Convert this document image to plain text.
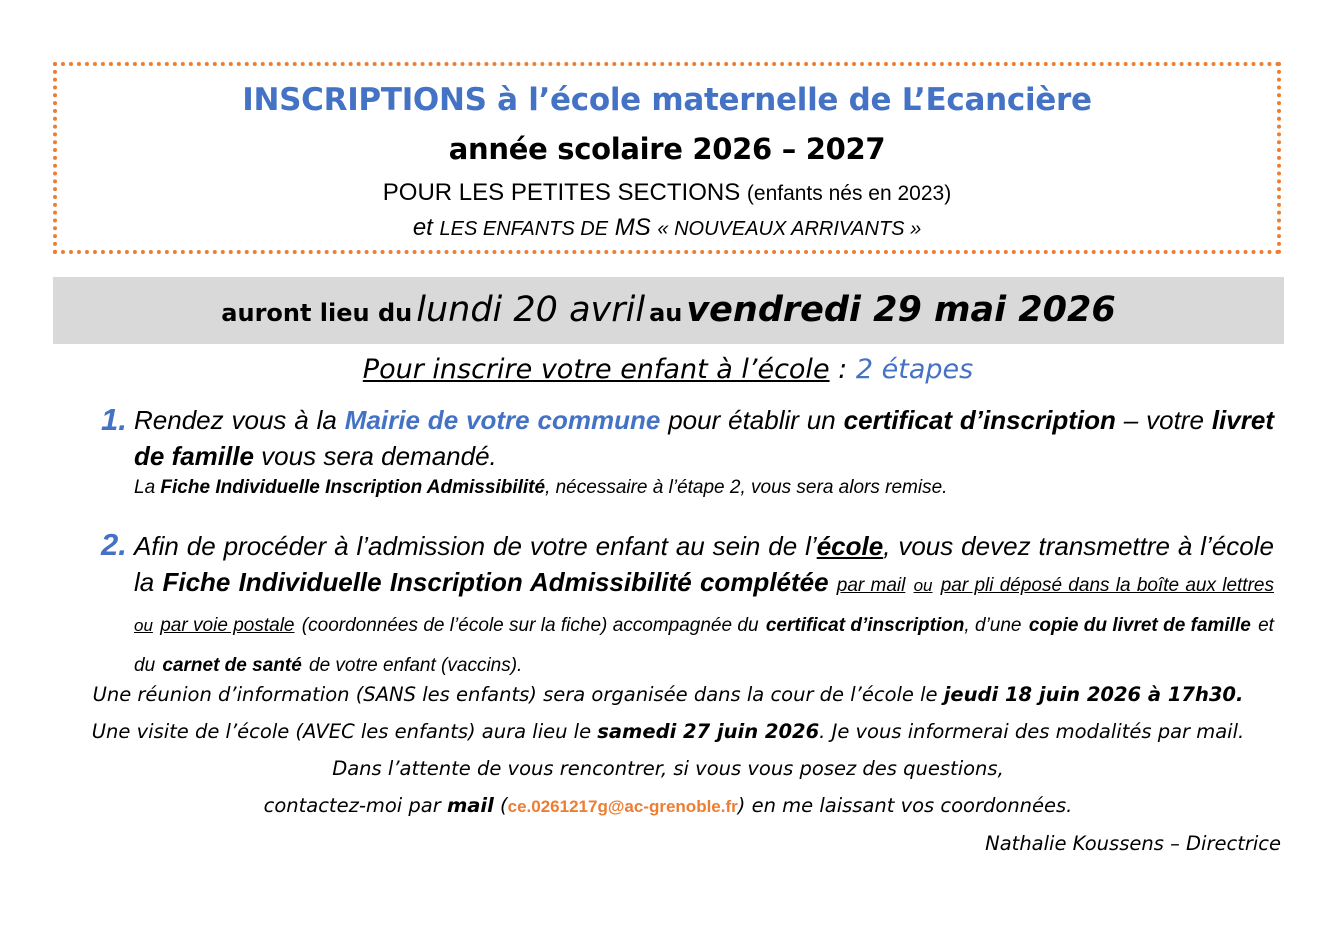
INSCRIPTIONS à l’école maternelle de L’Ecancière
année scolaire 2026 – 2027
POUR LES PETITES SECTIONS (enfants nés en 2023)
et LES ENFANTS DE MS « NOUVEAUX ARRIVANTS »
auront lieu du lundi 20 avril au vendredi 29 mai 2026
Pour inscrire votre enfant à l’école : 2 étapes
1. Rendez vous à la Mairie de votre commune pour établir un certificat d’inscription – votre livret de famille vous sera demandé.
La Fiche Individuelle Inscription Admissibilité, nécessaire à l’étape 2, vous sera alors remise.
2. Afin de procéder à l’admission de votre enfant au sein de l’école, vous devez transmettre à l’école la Fiche Individuelle Inscription Admissibilité complétée par mail ou par pli déposé dans la boîte aux lettres ou par voie postale (coordonnées de l’école sur la fiche) accompagnée du certificat d’inscription, d’une copie du livret de famille et du carnet de santé de votre enfant (vaccins).
Une réunion d’information (SANS les enfants) sera organisée dans la cour de l’école le jeudi 18 juin 2026 à 17h30.
Une visite de l’école (AVEC les enfants) aura lieu le samedi 27 juin 2026. Je vous informerai des modalités par mail.
Dans l’attente de vous rencontrer, si vous vous posez des questions,
contactez-moi par mail (ce.0261217g@ac-grenoble.fr) en me laissant vos coordonnées.
Nathalie Koussens – Directrice
